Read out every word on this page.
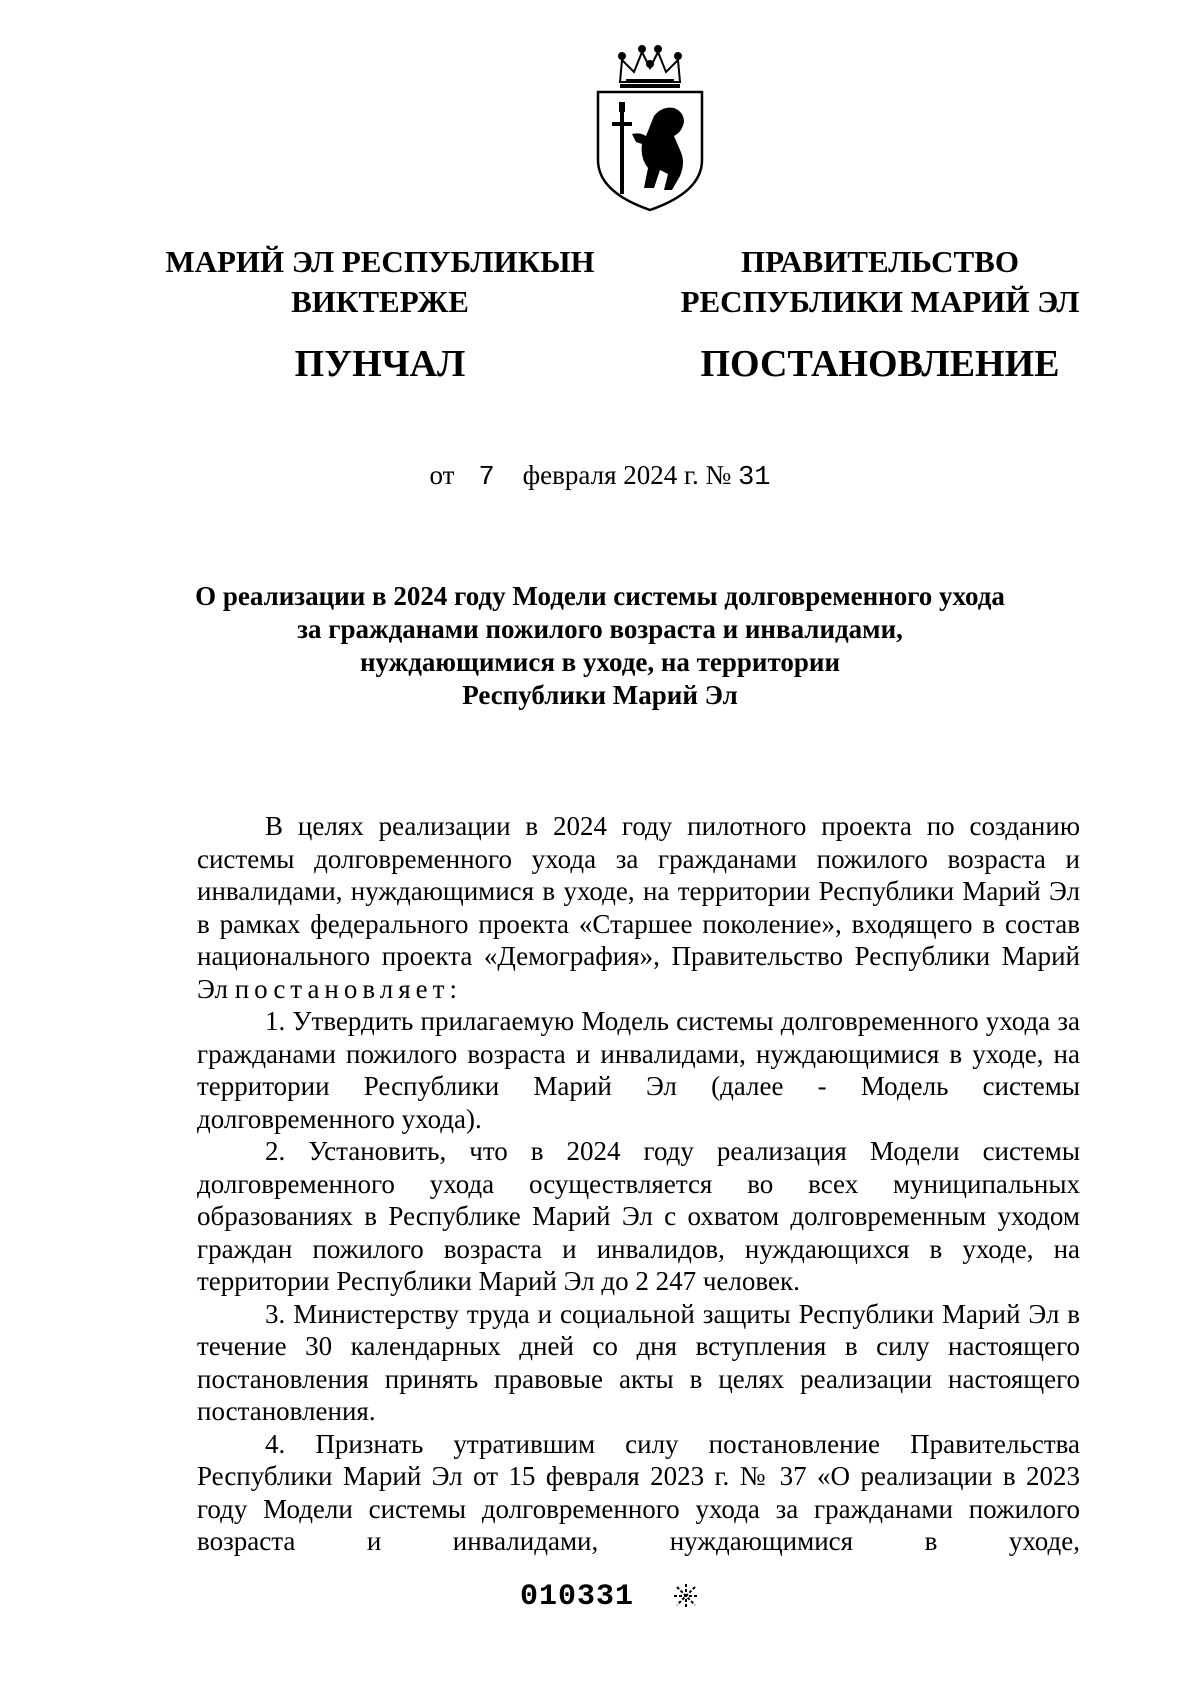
МАРИЙ ЭЛ РЕСПУБЛИКЫН
ВИКТЕРЖЕ
ПУНЧАЛ
ПРАВИТЕЛЬСТВО
РЕСПУБЛИКИ МАРИЙ ЭЛ
ПОСТАНОВЛЕНИЕ
от 7 февраля 2024 г. № 31
О реализации в 2024 году Модели системы долговременного ухода
за гражданами пожилого возраста и инвалидами,
нуждающимися в уходе, на территории
Республики Марий Эл

В целях реализации в 2024 году пилотного проекта по созданию системы долговременного ухода за гражданами пожилого возраста и инвалидами, нуждающимися в уходе, на территории Республики Марий Эл в рамках федерального проекта «Старшее поколение», входящего в состав национального проекта «Демография», Правительство Республики Марий Эл постановляет:

1. Утвердить прилагаемую Модель системы долговременного ухода за гражданами пожилого возраста и инвалидами, нуждающимися в уходе, на территории Республики Марий Эл (далее - Модель системы долговременного ухода).

2. Установить, что в 2024 году реализация Модели системы долговременного ухода осуществляется во всех муниципальных образованиях в Республике Марий Эл с охватом долговременным уходом граждан пожилого возраста и инвалидов, нуждающихся в уходе, на территории Республики Марий Эл до 2 247 человек.

3. Министерству труда и социальной защиты Республики Марий Эл в течение 30 календарных дней со дня вступления в силу настоящего постановления принять правовые акты в целях реализации настоящего постановления.

4. Признать утратившим силу постановление Правительства Республики Марий Эл от 15 февраля 2023 г. № 37 «О реализации в 2023 году Модели системы долговременного ухода за гражданами пожилого возраста и инвалидами, нуждающимися в уходе,

010331
